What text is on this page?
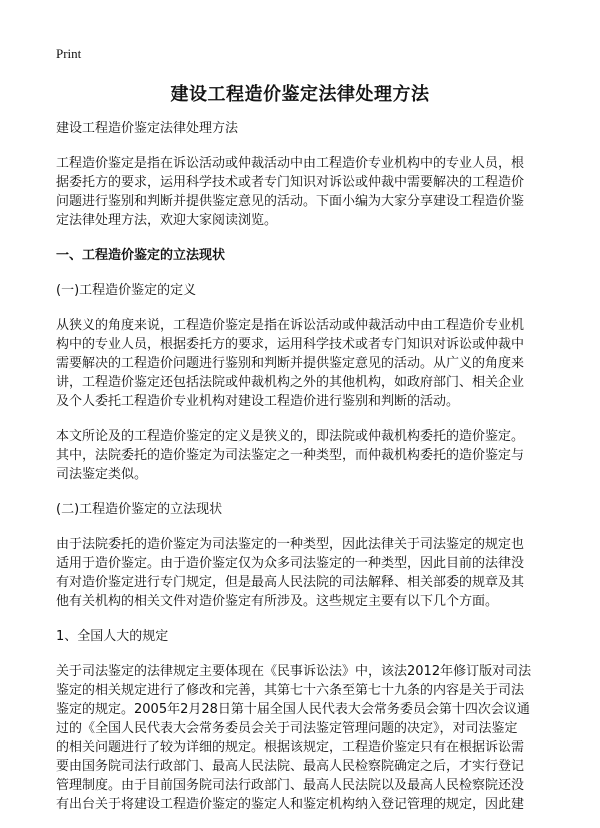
Print
建设工程造价鉴定法律处理方法

建设工程造价鉴定法律处理方法

工程造价鉴定是指在诉讼活动或仲裁活动中由工程造价专业机构中的专业人员，根
据委托方的要求，运用科学技术或者专门知识对诉讼或仲裁中需要解决的工程造价
问题进行鉴别和判断并提供鉴定意见的活动。下面小编为大家分享建设工程造价鉴
定法律处理方法，欢迎大家阅读浏览。

一、工程造价鉴定的立法现状

(一)工程造价鉴定的定义

从狭义的角度来说，工程造价鉴定是指在诉讼活动或仲裁活动中由工程造价专业机
构中的专业人员，根据委托方的要求，运用科学技术或者专门知识对诉讼或仲裁中
需要解决的工程造价问题进行鉴别和判断并提供鉴定意见的活动。从广义的角度来
讲，工程造价鉴定还包括法院或仲裁机构之外的其他机构，如政府部门、相关企业
及个人委托工程造价专业机构对建设工程造价进行鉴别和判断的活动。

本文所论及的工程造价鉴定的定义是狭义的，即法院或仲裁机构委托的造价鉴定。
其中，法院委托的造价鉴定为司法鉴定之一种类型，而仲裁机构委托的造价鉴定与
司法鉴定类似。

(二)工程造价鉴定的立法现状

由于法院委托的造价鉴定为司法鉴定的一种类型，因此法律关于司法鉴定的规定也
适用于造价鉴定。由于造价鉴定仅为众多司法鉴定的一种类型，因此目前的法律没
有对造价鉴定进行专门规定，但是最高人民法院的司法解释、相关部委的规章及其
他有关机构的相关文件对造价鉴定有所涉及。这些规定主要有以下几个方面。

1、全国人大的规定

关于司法鉴定的法律规定主要体现在《民事诉讼法》中，该法2012年修订版对司法
鉴定的相关规定进行了修改和完善，其第七十六条至第七十九条的内容是关于司法
鉴定的规定。2005年2月28日第十届全国人民代表大会常务委员会第十四次会议通
过的《全国人民代表大会常务委员会关于司法鉴定管理问题的决定》，对司法鉴定
的相关问题进行了较为详细的规定。根据该规定，工程造价鉴定只有在根据诉讼需
要由国务院司法行政部门、最高人民法院、最高人民检察院确定之后，才实行登记
管理制度。由于目前国务院司法行政部门、最高人民法院以及最高人民检察院还没
有出台关于将建设工程造价鉴定的鉴定人和鉴定机构纳入登记管理的规定，因此建
